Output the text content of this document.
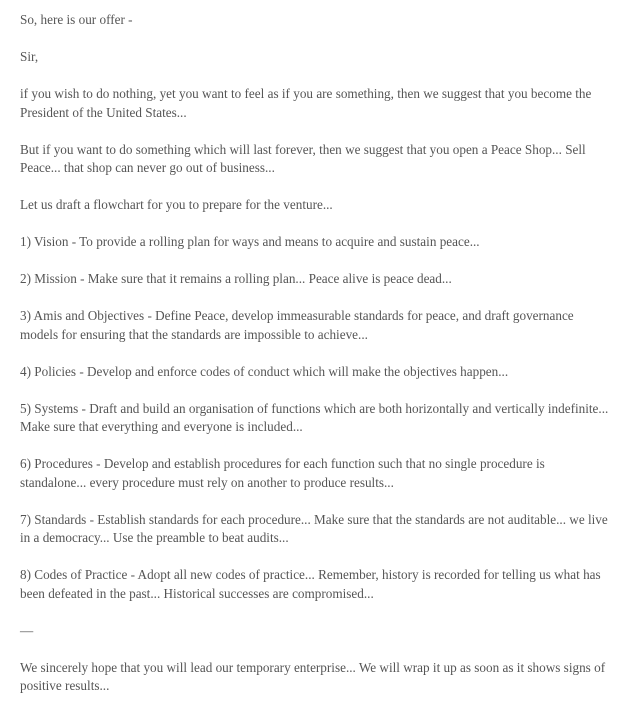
So, here is our offer -

Sir,

if you wish to do nothing, yet you want to feel as if you are something, then we suggest that you become the President of the United States...

But if you want to do something which will last forever, then we suggest that you open a Peace Shop... Sell Peace... that shop can never go out of business...

Let us draft a flowchart for you to prepare for the venture...

1) Vision - To provide a rolling plan for ways and means to acquire and sustain peace...

2) Mission - Make sure that it remains a rolling plan... Peace alive is peace dead...

3) Amis and Objectives - Define Peace, develop immeasurable standards for peace, and draft governance models for ensuring that the standards are impossible to achieve...

4) Policies - Develop and enforce codes of conduct which will make the objectives happen...

5) Systems - Draft and build an organisation of functions which are both horizontally and vertically indefinite... Make sure that everything and everyone is included...

6) Procedures - Develop and establish procedures for each function such that no single procedure is standalone... every procedure must rely on another to produce results...

7) Standards - Establish standards for each procedure... Make sure that the standards are not auditable... we live in a democracy... Use the preamble to beat audits...

8) Codes of Practice - Adopt all new codes of practice... Remember, history is recorded for telling us what has been defeated in the past... Historical successes are compromised...

—

We sincerely hope that you will lead our temporary enterprise... We will wrap it up as soon as it shows signs of positive results...
